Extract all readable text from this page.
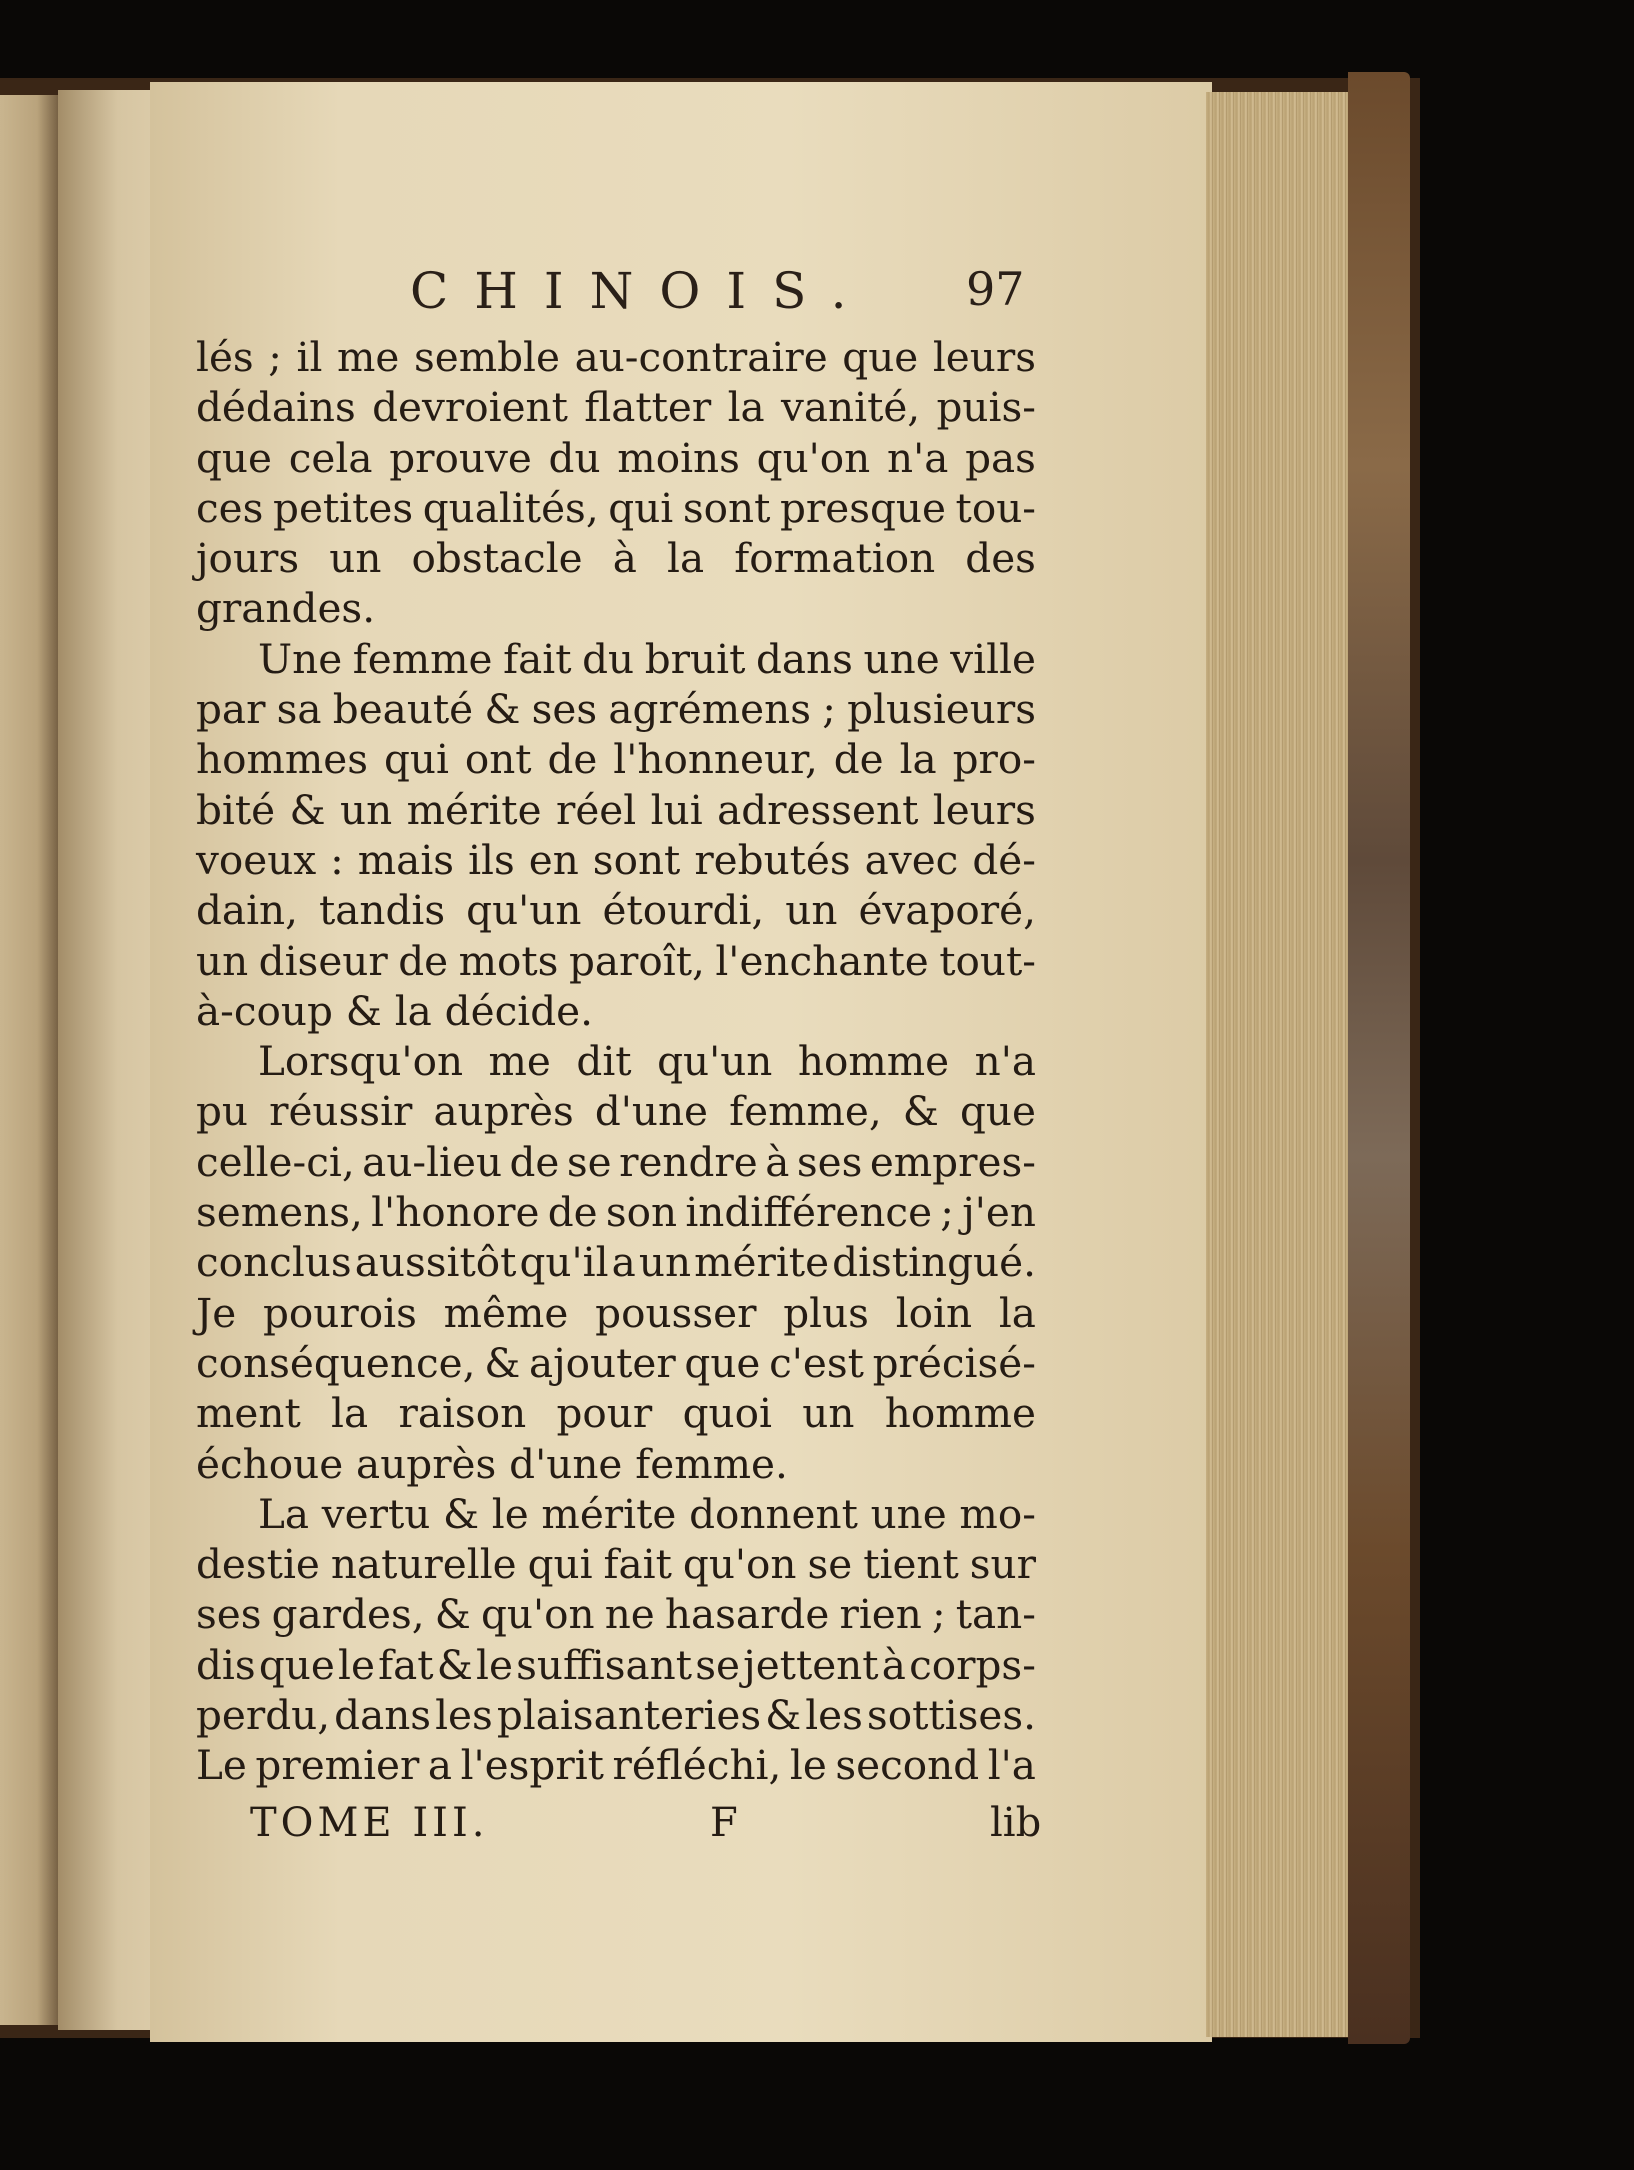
CHINOIS. 97
lés ; il me semble au-contraire que leurs
dédains devroient flatter la vanité, puis-
que cela prouve du moins qu'on n'a pas
ces petites qualités, qui sont presque tou-
jours un obstacle à la formation des
grandes.
Une femme fait du bruit dans une ville
par sa beauté & ses agrémens ; plusieurs
hommes qui ont de l'honneur, de la pro-
bité & un mérite réel lui adressent leurs
voeux : mais ils en sont rebutés avec dé-
dain, tandis qu'un étourdi, un évaporé,
un diseur de mots paroît, l'enchante tout-
à-coup & la décide.
Lorsqu'on me dit qu'un homme n'a
pu réussir auprès d'une femme, & que
celle-ci, au-lieu de se rendre à ses empres-
semens, l'honore de son indifférence ; j'en
conclus aussitôt qu'il a un mérite distingué.
Je pourois même pousser plus loin la
conséquence, & ajouter que c'est précisé-
ment la raison pour quoi un homme
échoue auprès d'une femme.
La vertu & le mérite donnent une mo-
destie naturelle qui fait qu'on se tient sur
ses gardes, & qu'on ne hasarde rien ; tan-
dis que le fat & le suffisant se jettent à corps-
perdu, dans les plaisanteries & les sottises.
Le premier a l'esprit réfléchi, le second l'a
TOME III.	F	lib
